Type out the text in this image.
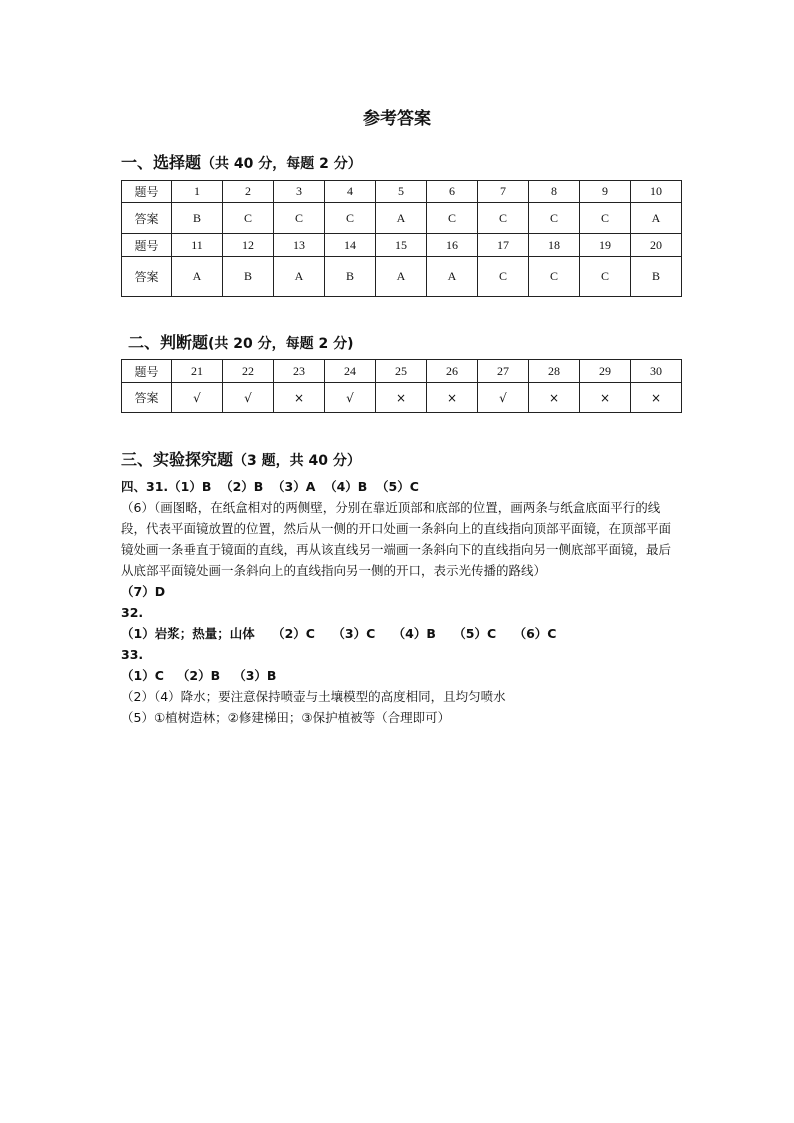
参考答案
一、选择题（共 40 分，每题 2 分）
题号	1	2	3	4	5	6	7	8	9	10
答案	B	C	C	C	A	C	C	C	C	A
题号	11	12	13	14	15	16	17	18	19	20
答案	A	B	A	B	A	A	C	C	C	B
二、判断题(共 20 分，每题 2 分)
题号	21	22	23	24	25	26	27	28	29	30
答案	√	√	×	√	×	×	√	×	×	×
三、实验探究题（3 题，共 40 分）
四、31.（1）B  （2）B  （3）A  （4）B  （5）C
（6）（画图略，在纸盒相对的两侧壁，分别在靠近顶部和底部的位置，画两条与纸盒底面平行的线段，代表平面镜放置的位置，然后从一侧的开口处画一条斜向上的直线指向顶部平面镜，在顶部平面镜处画一条垂直于镜面的直线，再从该直线另一端画一条斜向下的直线指向另一侧底部平面镜，最后从底部平面镜处画一条斜向上的直线指向另一侧的开口，表示光传播的路线）
（7）D
32.
（1）岩浆；热量；山体    （2）C    （3）C    （4）B    （5）C    （6）C
33.
（1）C   （2）B   （3）B
（2）（4）降水；要注意保持喷壶与土壤模型的高度相同，且均匀喷水
（5）①植树造林；②修建梯田；③保护植被等（合理即可）
